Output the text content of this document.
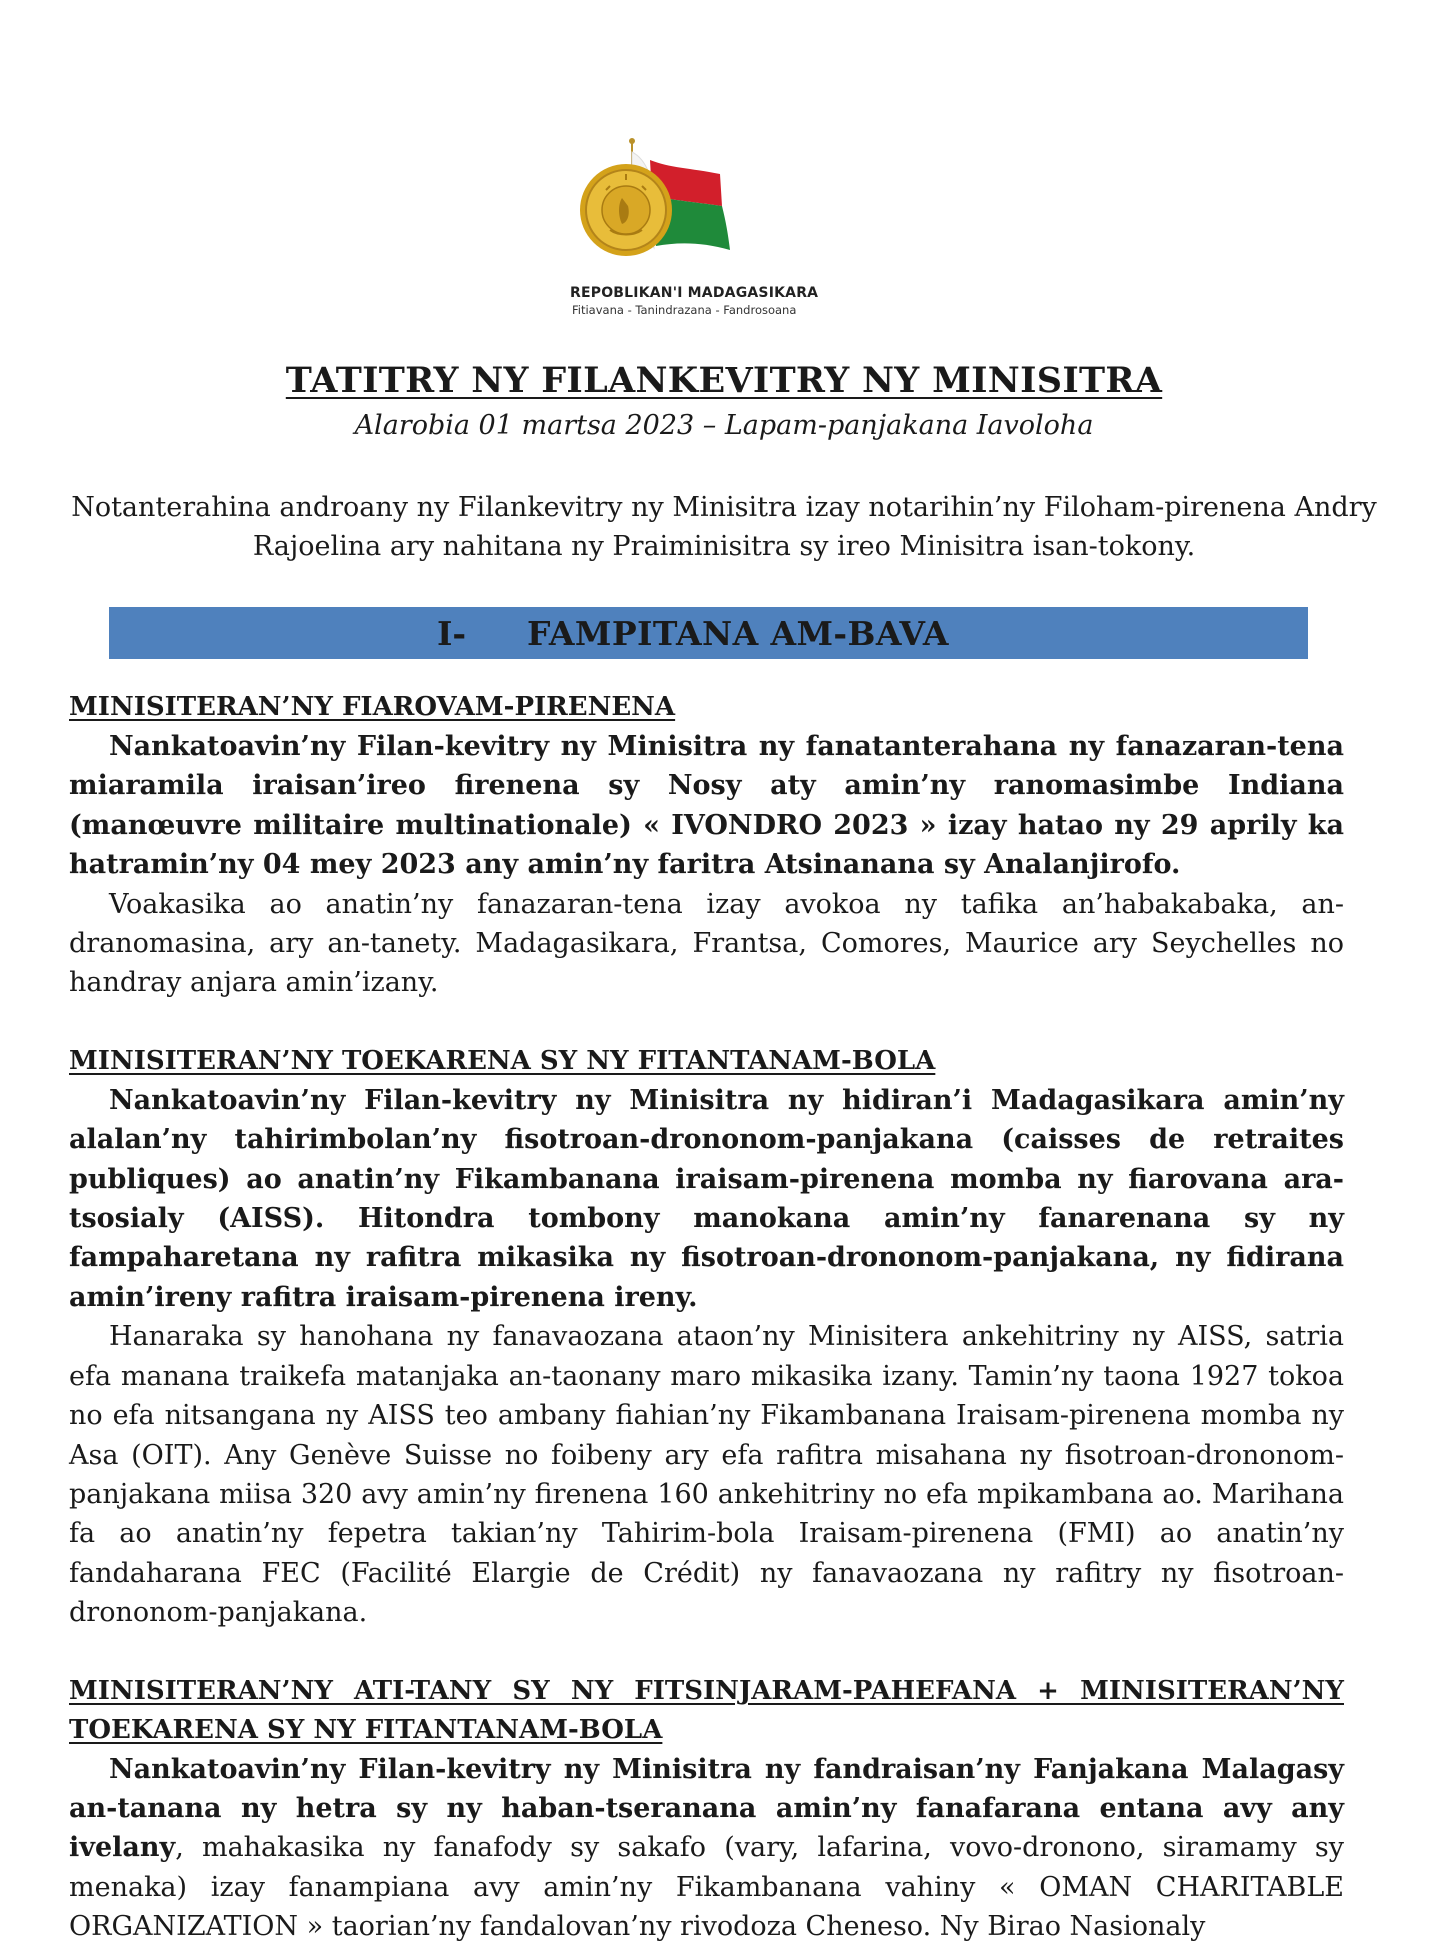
REPOBLIKAN'I MADAGASIKARA
Fitiavana - Tanindrazana - Fandrosoana
TATITRY NY FILANKEVITRY NY MINISITRA
Alarobia 01 martsa 2023 – Lapam-panjakana Iavoloha
Notanterahina androany ny Filankevitry ny Minisitra izay notarihin’ny Filoham-pirenena Andry Rajoelina ary nahitana ny Praiminisitra sy ireo Minisitra isan-tokony.
I- FAMPITANA AM-BAVA
MINISITERAN’NY FIAROVAM-PIRENENA

Nankatoavin’ny Filan-kevitry ny Minisitra ny fanatanterahana ny fanazaran-tena miaramila iraisan’ireo firenena sy Nosy aty amin’ny ranomasimbe Indiana (manœuvre militaire multinationale) « IVONDRO 2023 » izay hatao ny 29 aprily ka hatramin’ny 04 mey 2023 any amin’ny faritra Atsinanana sy Analanjirofo.

Voakasika ao anatin’ny fanazaran-tena izay avokoa ny tafika an’habakabaka, an-dranomasina, ary an-tanety. Madagasikara, Frantsa, Comores, Maurice ary Seychelles no handray anjara amin’izany.

MINISITERAN’NY TOEKARENA SY NY FITANTANAM-BOLA

Nankatoavin’ny Filan-kevitry ny Minisitra ny hidiran’i Madagasikara amin’ny alalan’ny tahirimbolan’ny fisotroan-drononom-panjakana (caisses de retraites publiques) ao anatin’ny Fikambanana iraisam-pirenena momba ny fiarovana ara-tsosialy (AISS). Hitondra tombony manokana amin’ny fanarenana sy ny fampaharetana ny rafitra mikasika ny fisotroan-drononom-panjakana, ny fidirana amin’ireny rafitra iraisam-pirenena ireny.

Hanaraka sy hanohana ny fanavaozana ataon’ny Minisitera ankehitriny ny AISS, satria efa manana traikefa matanjaka an-taonany maro mikasika izany. Tamin’ny taona 1927 tokoa no efa nitsangana ny AISS teo ambany fiahian’ny Fikambanana Iraisam-pirenena momba ny Asa (OIT). Any Genève Suisse no foibeny ary efa rafitra misahana ny fisotroan-drononom-panjakana miisa 320 avy amin’ny firenena 160 ankehitriny no efa mpikambana ao. Marihana fa ao anatin’ny fepetra takian’ny Tahirim-bola Iraisam-pirenena (FMI) ao anatin’ny fandaharana FEC (Facilité Elargie de Crédit) ny fanavaozana ny rafitry ny fisotroan-drononom-panjakana.

MINISITERAN’NY ATI-TANY SY NY FITSINJARAM-PAHEFANA + MINISITERAN’NY TOEKARENA SY NY FITANTANAM-BOLA

Nankatoavin’ny Filan-kevitry ny Minisitra ny fandraisan’ny Fanjakana Malagasy an-tanana ny hetra sy ny haban-tseranana amin’ny fanafarana entana avy any ivelany, mahakasika ny fanafody sy sakafo (vary, lafarina, vovo-dronono, siramamy sy menaka) izay fanampiana avy amin’ny Fikambanana vahiny « OMAN CHARITABLE ORGANIZATION » taorian’ny fandalovan’ny rivodoza Cheneso. Ny Birao Nasionaly
